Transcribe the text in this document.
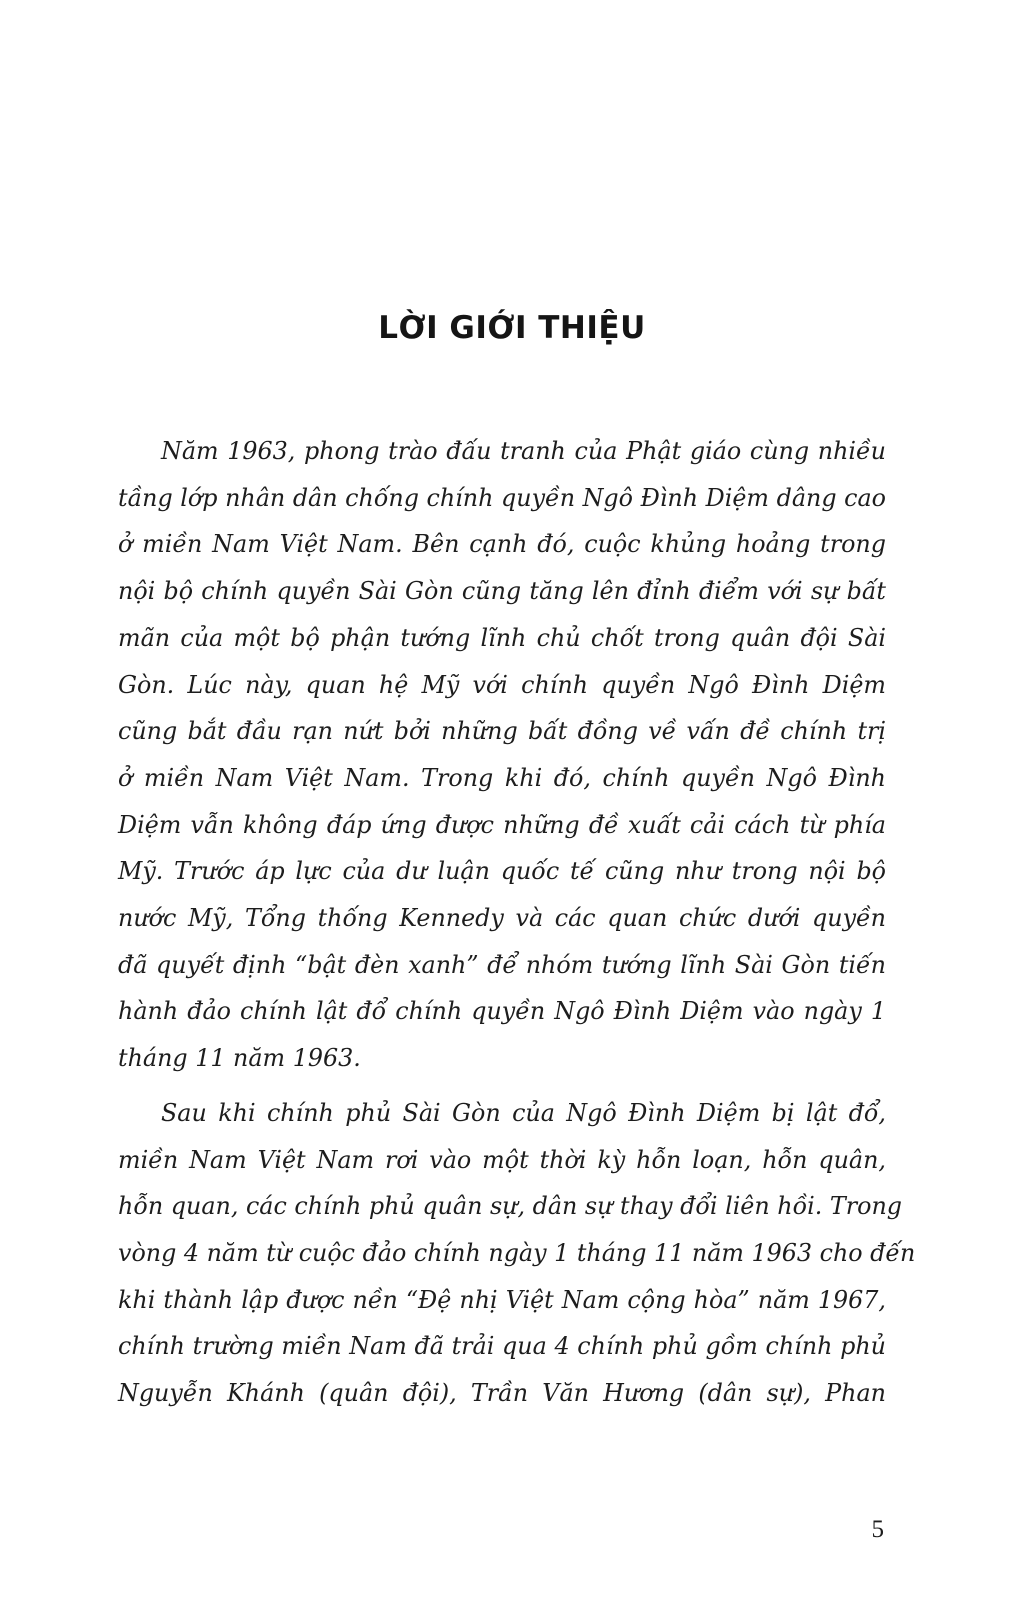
LỜI GIỚI THIỆU

Năm 1963, phong trào đấu tranh của Phật giáo cùng nhiều
tầng lớp nhân dân chống chính quyền Ngô Đình Diệm dâng cao
ở miền Nam Việt Nam. Bên cạnh đó, cuộc khủng hoảng trong
nội bộ chính quyền Sài Gòn cũng tăng lên đỉnh điểm với sự bất
mãn của một bộ phận tướng lĩnh chủ chốt trong quân đội Sài
Gòn. Lúc này, quan hệ Mỹ với chính quyền Ngô Đình Diệm
cũng bắt đầu rạn nứt bởi những bất đồng về vấn đề chính trị
ở miền Nam Việt Nam. Trong khi đó, chính quyền Ngô Đình
Diệm vẫn không đáp ứng được những đề xuất cải cách từ phía
Mỹ. Trước áp lực của dư luận quốc tế cũng như trong nội bộ
nước Mỹ, Tổng thống Kennedy và các quan chức dưới quyền
đã quyết định “bật đèn xanh” để nhóm tướng lĩnh Sài Gòn tiến
hành đảo chính lật đổ chính quyền Ngô Đình Diệm vào ngày 1
tháng 11 năm 1963.

Sau khi chính phủ Sài Gòn của Ngô Đình Diệm bị lật đổ,
miền Nam Việt Nam rơi vào một thời kỳ hỗn loạn, hỗn quân,
hỗn quan, các chính phủ quân sự, dân sự thay đổi liên hồi. Trong
vòng 4 năm từ cuộc đảo chính ngày 1 tháng 11 năm 1963 cho đến
khi thành lập được nền “Đệ nhị Việt Nam cộng hòa” năm 1967,
chính trường miền Nam đã trải qua 4 chính phủ gồm chính phủ
Nguyễn Khánh (quân đội), Trần Văn Hương (dân sự), Phan

5
